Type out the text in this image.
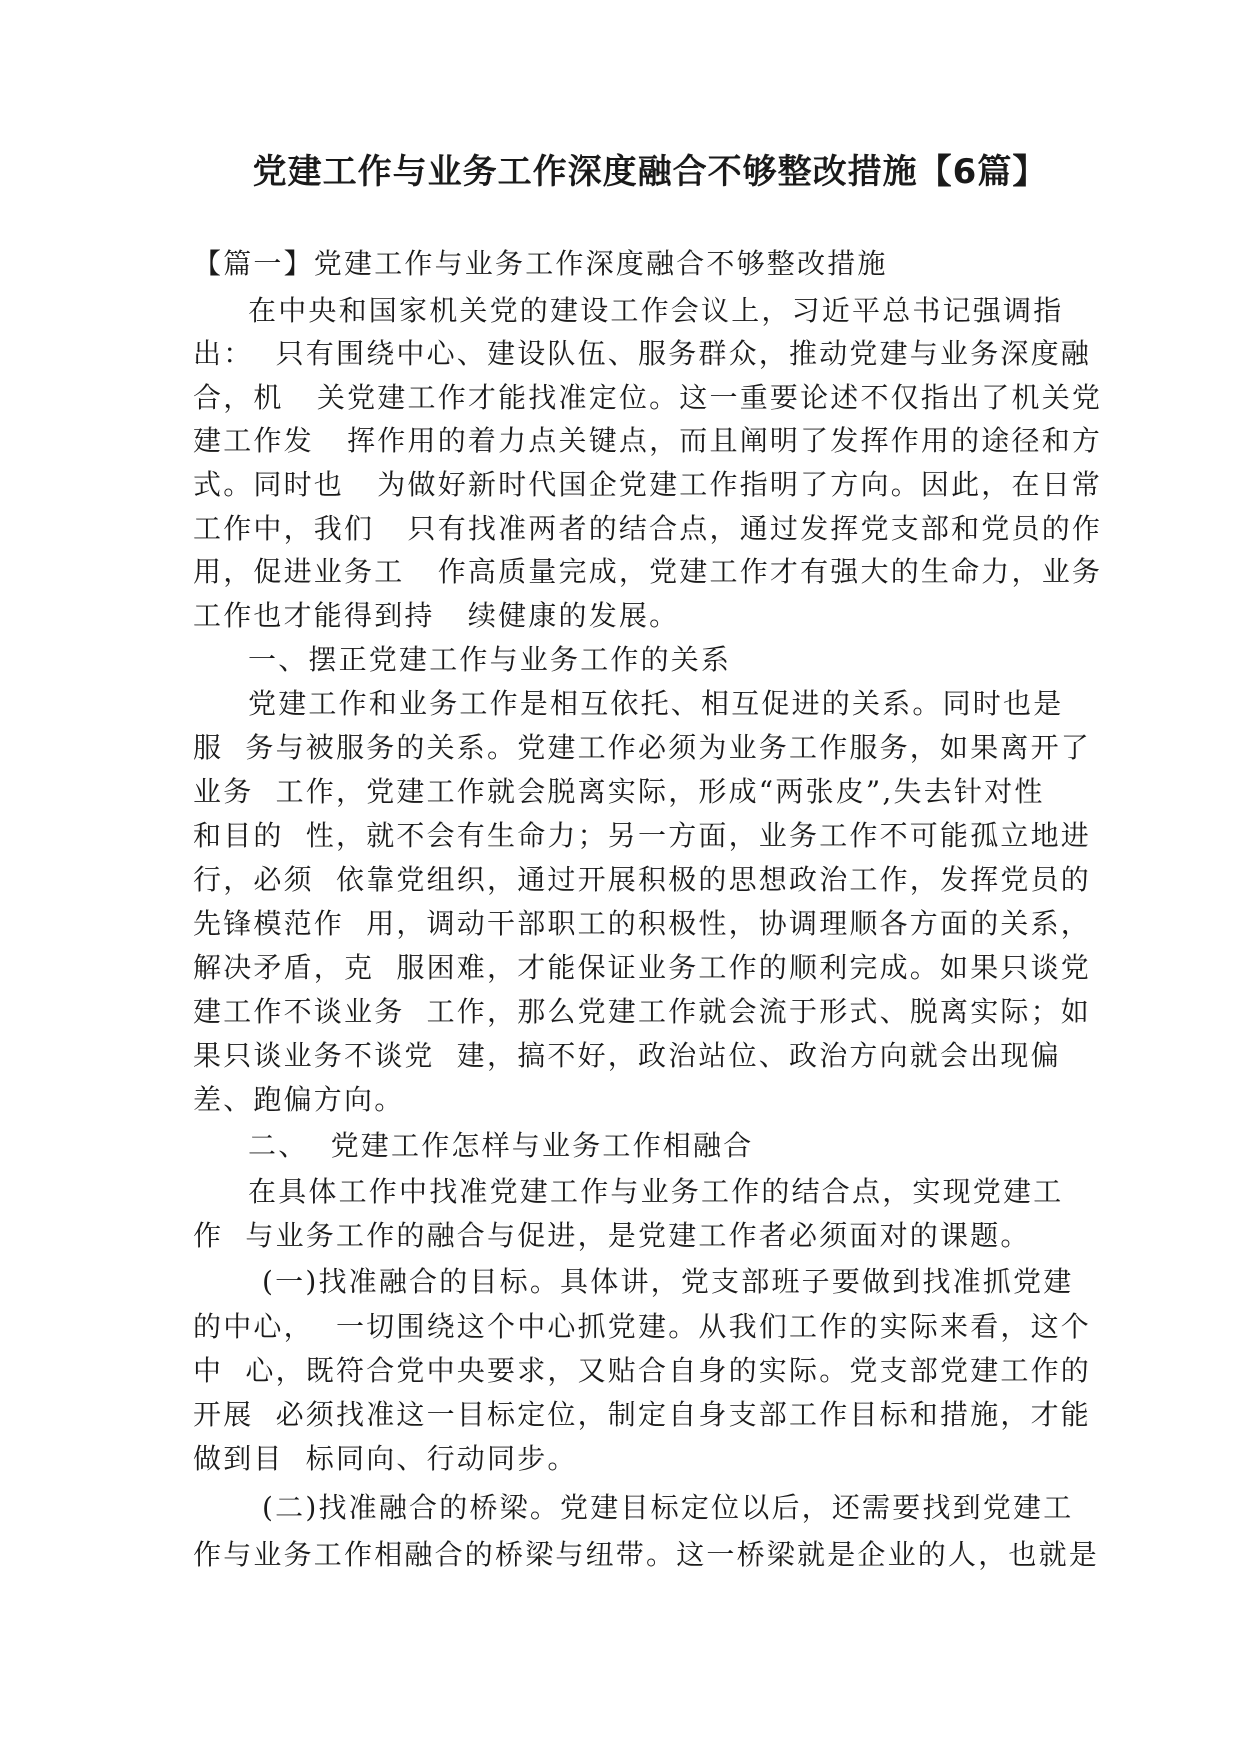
党建工作与业务工作深度融合不够整改措施【6篇】
【篇一】党建工作与业务工作深度融合不够整改措施
在中央和国家机关党的建设工作会议上，习近平总书记强调指
出：  只有围绕中心、建设队伍、服务群众，推动党建与业务深度融
合，机   关党建工作才能找准定位。这一重要论述不仅指出了机关党
建工作发   挥作用的着力点关键点，而且阐明了发挥作用的途径和方
式。同时也   为做好新时代国企党建工作指明了方向。因此，在日常
工作中，我们   只有找准两者的结合点，通过发挥党支部和党员的作
用，促进业务工   作高质量完成，党建工作才有强大的生命力，业务
工作也才能得到持   续健康的发展。
一、摆正党建工作与业务工作的关系
党建工作和业务工作是相互依托、相互促进的关系。同时也是
服  务与被服务的关系。党建工作必须为业务工作服务，如果离开了
业务  工作，党建工作就会脱离实际，形成“两张皮”,失去针对性
和目的  性，就不会有生命力；另一方面，业务工作不可能孤立地进
行，必须  依靠党组织，通过开展积极的思想政治工作，发挥党员的
先锋模范作  用，调动干部职工的积极性，协调理顺各方面的关系，
解决矛盾，克  服困难，才能保证业务工作的顺利完成。如果只谈党
建工作不谈业务  工作，那么党建工作就会流于形式、脱离实际；如
果只谈业务不谈党  建，搞不好，政治站位、政治方向就会出现偏
差、跑偏方向。
二、  党建工作怎样与业务工作相融合
在具体工作中找准党建工作与业务工作的结合点，实现党建工
作  与业务工作的融合与促进，是党建工作者必须面对的课题。
(一)找准融合的目标。具体讲，党支部班子要做到找准抓党建
的中心，  一切围绕这个中心抓党建。从我们工作的实际来看，这个
中  心，既符合党中央要求，又贴合自身的实际。党支部党建工作的
开展  必须找准这一目标定位，制定自身支部工作目标和措施，才能
做到目  标同向、行动同步。
(二)找准融合的桥梁。党建目标定位以后，还需要找到党建工
作与业务工作相融合的桥梁与纽带。这一桥梁就是企业的人，也就是
